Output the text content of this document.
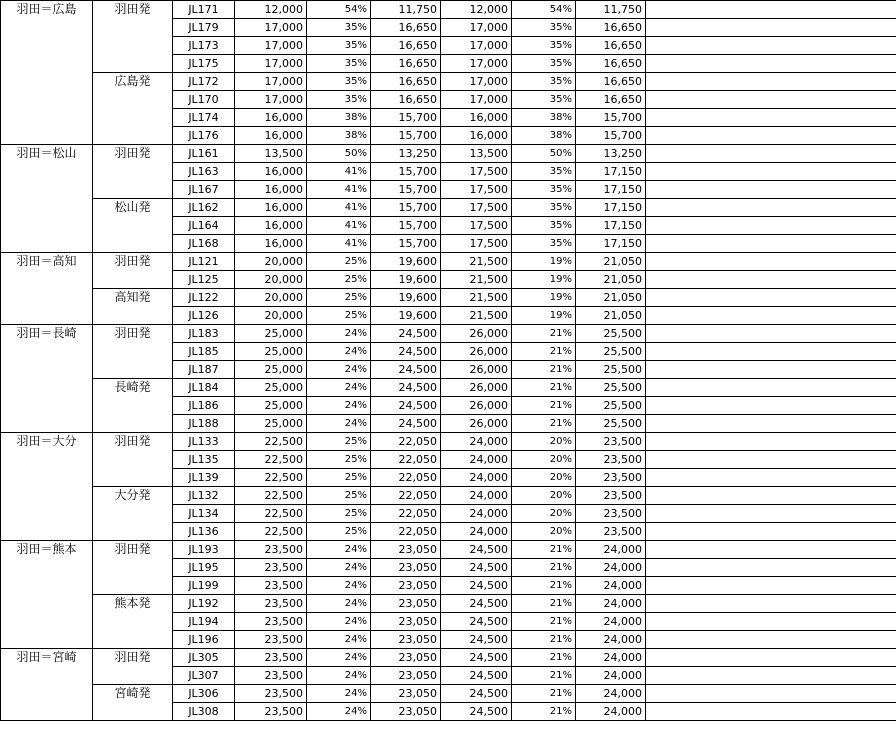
羽田＝広島	羽田発	JL171	12,000	54%	11,750	12,000	54%	11,750	
		JL179	17,000	35%	16,650	17,000	35%	16,650	
		JL173	17,000	35%	16,650	17,000	35%	16,650	
		JL175	17,000	35%	16,650	17,000	35%	16,650	
	広島発	JL172	17,000	35%	16,650	17,000	35%	16,650	
		JL170	17,000	35%	16,650	17,000	35%	16,650	
		JL174	16,000	38%	15,700	16,000	38%	15,700	
		JL176	16,000	38%	15,700	16,000	38%	15,700	
羽田＝松山	羽田発	JL161	13,500	50%	13,250	13,500	50%	13,250	
		JL163	16,000	41%	15,700	17,500	35%	17,150	
		JL167	16,000	41%	15,700	17,500	35%	17,150	
	松山発	JL162	16,000	41%	15,700	17,500	35%	17,150	
		JL164	16,000	41%	15,700	17,500	35%	17,150	
		JL168	16,000	41%	15,700	17,500	35%	17,150	
羽田＝高知	羽田発	JL121	20,000	25%	19,600	21,500	19%	21,050	
		JL125	20,000	25%	19,600	21,500	19%	21,050	
	高知発	JL122	20,000	25%	19,600	21,500	19%	21,050	
		JL126	20,000	25%	19,600	21,500	19%	21,050	
羽田＝長崎	羽田発	JL183	25,000	24%	24,500	26,000	21%	25,500	
		JL185	25,000	24%	24,500	26,000	21%	25,500	
		JL187	25,000	24%	24,500	26,000	21%	25,500	
	長崎発	JL184	25,000	24%	24,500	26,000	21%	25,500	
		JL186	25,000	24%	24,500	26,000	21%	25,500	
		JL188	25,000	24%	24,500	26,000	21%	25,500	
羽田＝大分	羽田発	JL133	22,500	25%	22,050	24,000	20%	23,500	
		JL135	22,500	25%	22,050	24,000	20%	23,500	
		JL139	22,500	25%	22,050	24,000	20%	23,500	
	大分発	JL132	22,500	25%	22,050	24,000	20%	23,500	
		JL134	22,500	25%	22,050	24,000	20%	23,500	
		JL136	22,500	25%	22,050	24,000	20%	23,500	
羽田＝熊本	羽田発	JL193	23,500	24%	23,050	24,500	21%	24,000	
		JL195	23,500	24%	23,050	24,500	21%	24,000	
		JL199	23,500	24%	23,050	24,500	21%	24,000	
	熊本発	JL192	23,500	24%	23,050	24,500	21%	24,000	
		JL194	23,500	24%	23,050	24,500	21%	24,000	
		JL196	23,500	24%	23,050	24,500	21%	24,000	
羽田＝宮崎	羽田発	JL305	23,500	24%	23,050	24,500	21%	24,000	
		JL307	23,500	24%	23,050	24,500	21%	24,000	
	宮崎発	JL306	23,500	24%	23,050	24,500	21%	24,000	
		JL308	23,500	24%	23,050	24,500	21%	24,000	
